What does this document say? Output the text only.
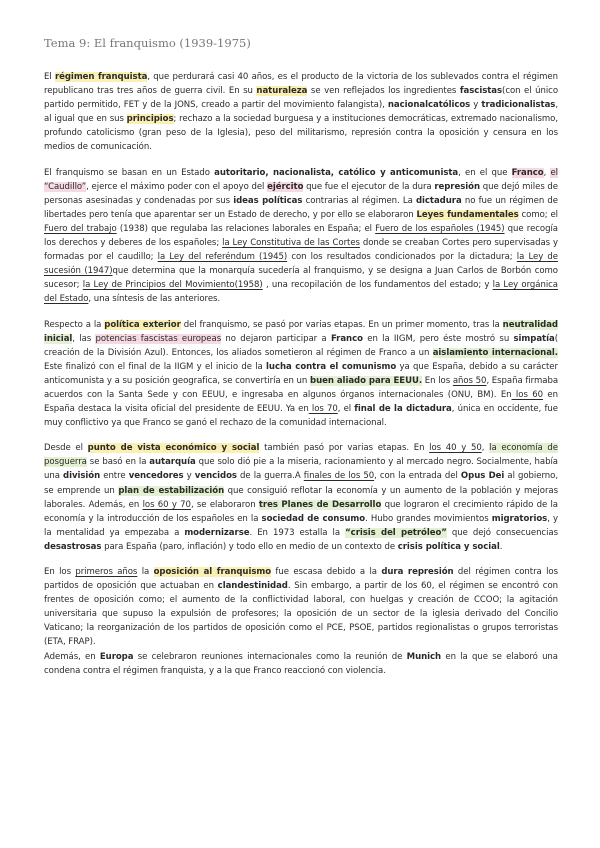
Tema 9: El franquismo (1939-1975)

El régimen franquista, que perdurará casi 40 años, es el producto de la victoria de los sublevados contra el régimen republicano tras tres años de guerra civil. En su naturaleza se ven reflejados los ingredientes fascistas(con el único partido permitido, FET y de la JONS, creado a partir del movimiento falangista), nacionalcatólicos y tradicionalistas, al igual que en sus principios; rechazo a la sociedad burguesa y a instituciones democráticas, extremado nacionalismo, profundo catolicismo (gran peso de la Iglesia), peso del militarismo, represión contra la oposición y censura en los medios de comunicación.

El franquismo se basan en un Estado autoritario, nacionalista, católico y anticomunista, en el que Franco, el “Caudillo”, ejerce el máximo poder con el apoyo del ejército que fue el ejecutor de la dura represión que dejó miles de personas asesinadas y condenadas por sus ideas políticas contrarias al régimen. La dictadura no fue un régimen de libertades pero tenía que aparentar ser un Estado de derecho, y por ello se elaboraron Leyes fundamentales como; el Fuero del trabajo (1938) que regulaba las relaciones laborales en España; el Fuero de los españoles (1945) que recogía los derechos y deberes de los españoles; la Ley Constitutiva de las Cortes donde se creaban Cortes pero supervisadas y formadas por el caudillo; la Ley del referéndum (1945) con los resultados condicionados por la dictadura; la Ley de sucesión (1947)que determina que la monarquía sucedería al franquismo, y se designa a Juan Carlos de Borbón como sucesor; la Ley de Principios del Movimiento(1958) , una recopilación de los fundamentos del estado; y la Ley orgánica del Estado, una síntesis de las anteriores.

Respecto a la política exterior del franquismo, se pasó por varias etapas. En un primer momento, tras la neutralidad inicial, las potencias fascistas europeas no dejaron participar a Franco en la IIGM, pero éste mostró su simpatía( creación de la División Azul). Entonces, los aliados sometieron al régimen de Franco a un aislamiento internacional. Este finalizó con el final de la IIGM y el inicio de la lucha contra el comunismo ya que España, debido a su carácter anticomunista y a su posición geografica, se convertiría en un buen aliado para EEUU. En los años 50, España firmaba acuerdos con la Santa Sede y con EEUU, e ingresaba en algunos órganos internacionales (ONU, BM). En los 60 en España destaca la visita oficial del presidente de EEUU. Ya en los 70, el final de la dictadura, única en occidente, fue muy conflictivo ya que Franco se ganó el rechazo de la comunidad internacional.

Desde el punto de vista económico y social también pasó por varias etapas. En los 40 y 50, la economía de posguerra se basó en la autarquía que solo dió pie a la miseria, racionamiento y al mercado negro. Socialmente, había una división entre vencedores y vencidos de la guerra.A finales de los 50, con la entrada del Opus Dei al gobierno, se emprende un plan de estabilización que consiguió reflotar la economía y un aumento de la población y mejoras laborales. Además, en los 60 y 70, se elaboraron tres Planes de Desarrollo que lograron el crecimiento rápido de la economía y la introducción de los españoles en la sociedad de consumo. Hubo grandes movimientos migratorios, y la mentalidad ya empezaba a modernizarse. En 1973 estalla la “crisis del petróleo” que dejó consecuencias desastrosas para España (paro, inflación) y todo ello en medio de un contexto de crisis política y social.

En los primeros años la oposición al franquismo fue escasa debido a la dura represión del régimen contra los partidos de oposición que actuaban en clandestinidad. Sin embargo, a partir de los 60, el régimen se encontró con frentes de oposición como; el aumento de la conflictividad laboral, con huelgas y creación de CCOO; la agitación universitaria que supuso la expulsión de profesores; la oposición de un sector de la iglesia derivado del Concilio Vaticano; la reorganización de los partidos de oposición como el PCE, PSOE, partidos regionalistas o grupos terroristas (ETA, FRAP).
Además, en Europa se celebraron reuniones internacionales como la reunión de Munich en la que se elaboró una condena contra el régimen franquista, y a la que Franco reaccionó con violencia.
